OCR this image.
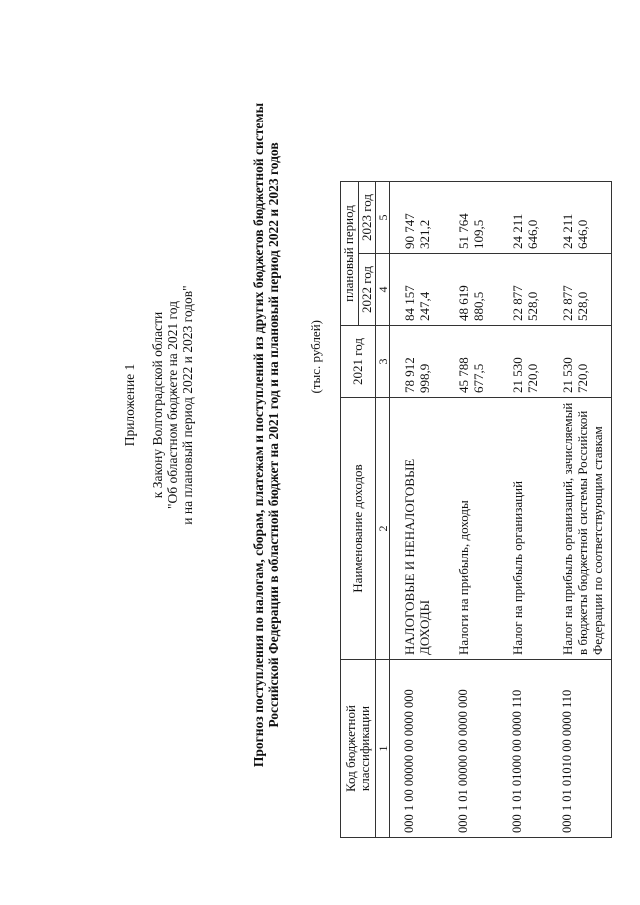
Приложение 1 к Закону Волгоградской области "Об областном бюджете на 2021 год и на плановый период 2022 и 2023 годов"	Прогноз поступления по налогам, сборам, платежам и поступлений из других бюджетов бюджетной системы Российской Федерации в областной бюджет на 2021 год и на плановый период 2022 и 2023 годов (тыс. рублей)
Код бюджетной классификации	Наименование доходов	2021 год	плановый период	
			2022 год	2023 год
1	2	3	4	5
000 1 00 00000 00 0000 000	НАЛОГОВЫЕ И НЕНАЛОГОВЫЕ ДОХОДЫ	78 912 998,9	84 157 247,4	90 747 321,2
000 1 01 00000 00 0000 000	Налоги на прибыль, доходы	45 788 677,5	48 619 880,5	51 764 109,5
000 1 01 01000 00 0000 110	Налог на прибыль организаций	21 530 720,0	22 877 528,0	24 211 646,0
000 1 01 01010 00 0000 110	Налог на прибыль организаций, зачисляемый в бюджеты бюджетной системы Российской Федерации по соответствующим ставкам	21 530 720,0	22 877 528,0	24 211 646,0
